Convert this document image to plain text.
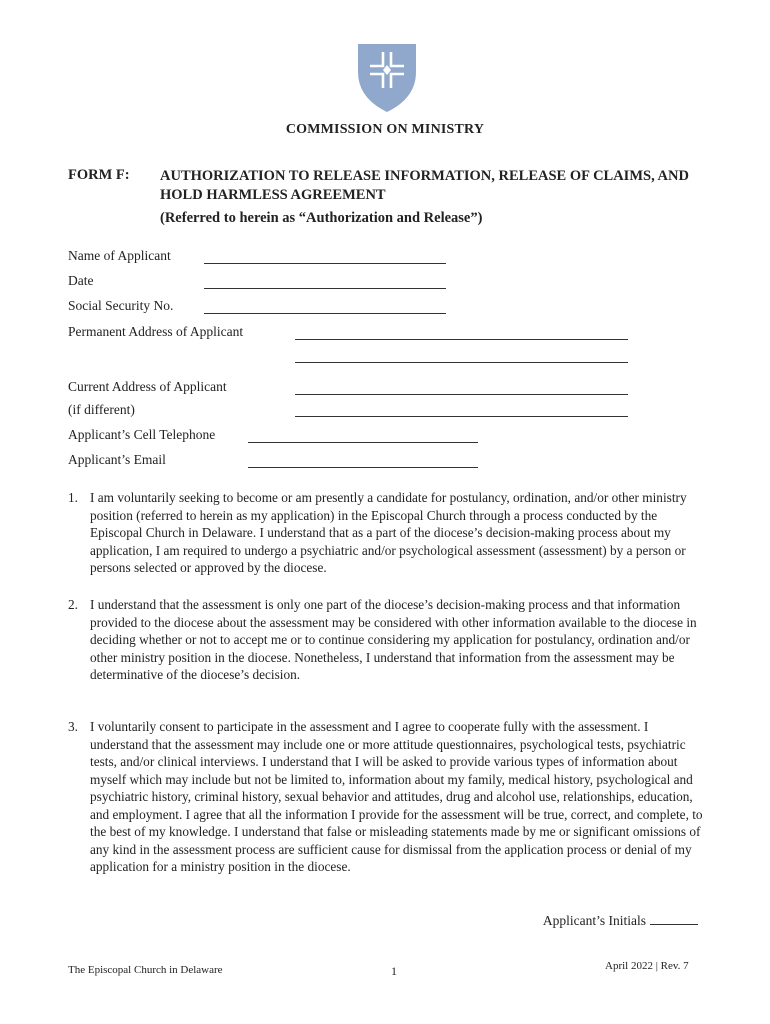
COMMISSION ON MINISTRY
FORM F: AUTHORIZATION TO RELEASE INFORMATION, RELEASE OF CLAIMS, AND HOLD HARMLESS AGREEMENT
(Referred to herein as “Authorization and Release”)
Name of Applicant
Date
Social Security No.
Permanent Address of Applicant
Current Address of Applicant
(if different)
Applicant’s Cell Telephone
Applicant’s Email
1. I am voluntarily seeking to become or am presently a candidate for postulancy, ordination, and/or other ministry position (referred to herein as my application) in the Episcopal Church through a process conducted by the Episcopal Church in Delaware. I understand that as a part of the diocese’s decision-making process about my application, I am required to undergo a psychiatric and/or psychological assessment (assessment) by a person or persons selected or approved by the diocese.
2. I understand that the assessment is only one part of the diocese’s decision-making process and that information provided to the diocese about the assessment may be considered with other information available to the diocese in deciding whether or not to accept me or to continue considering my application for postulancy, ordination and/or other ministry position in the diocese. Nonetheless, I understand that information from the assessment may be determinative of the diocese’s decision.
3. I voluntarily consent to participate in the assessment and I agree to cooperate fully with the assessment. I understand that the assessment may include one or more attitude questionnaires, psychological tests, psychiatric tests, and/or clinical interviews. I understand that I will be asked to provide various types of information about myself which may include but not be limited to, information about my family, medical history, psychological and psychiatric history, criminal history, sexual behavior and attitudes, drug and alcohol use, relationships, education, and employment. I agree that all the information I provide for the assessment will be true, correct, and complete, to the best of my knowledge. I understand that false or misleading statements made by me or significant omissions of any kind in the assessment process are sufficient cause for dismissal from the application process or denial of my application for a ministry position in the diocese.
Applicant’s Initials
The Episcopal Church in Delaware	1	April 2022 | Rev. 7
